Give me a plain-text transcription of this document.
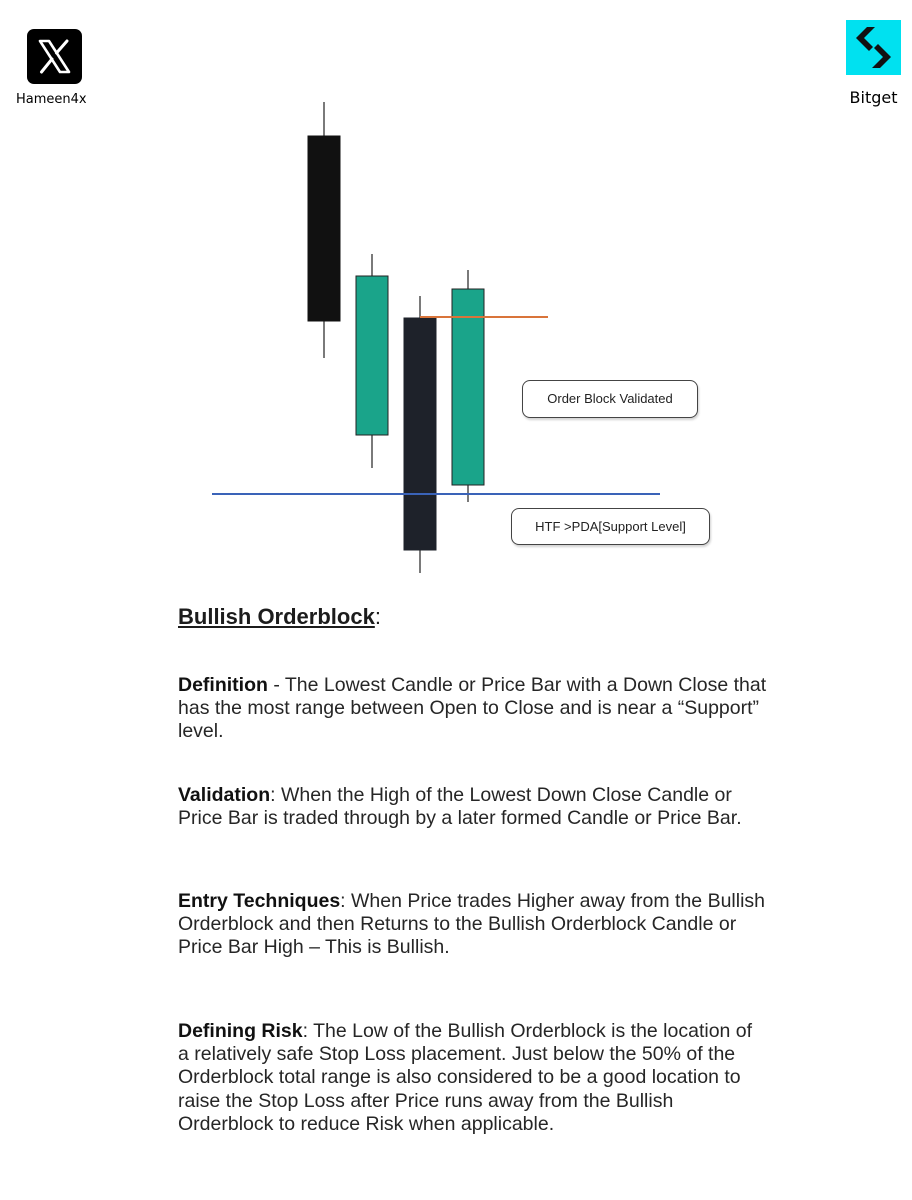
Hameen4x	Bitget
Order Block Validated
HTF >PDA[Support Level]
Bullish Orderblock:

Definition - The Lowest Candle or Price Bar with a Down Close that has the most range between Open to Close and is near a “Support” level.

Validation: When the High of the Lowest Down Close Candle or Price Bar is traded through by a later formed Candle or Price Bar.

Entry Techniques: When Price trades Higher away from the Bullish Orderblock and then Returns to the Bullish Orderblock Candle or Price Bar High – This is Bullish.

Defining Risk: The Low of the Bullish Orderblock is the location of a relatively safe Stop Loss placement. Just below the 50% of the Orderblock total range is also considered to be a good location to raise the Stop Loss after Price runs away from the Bullish Orderblock to reduce Risk when applicable.
